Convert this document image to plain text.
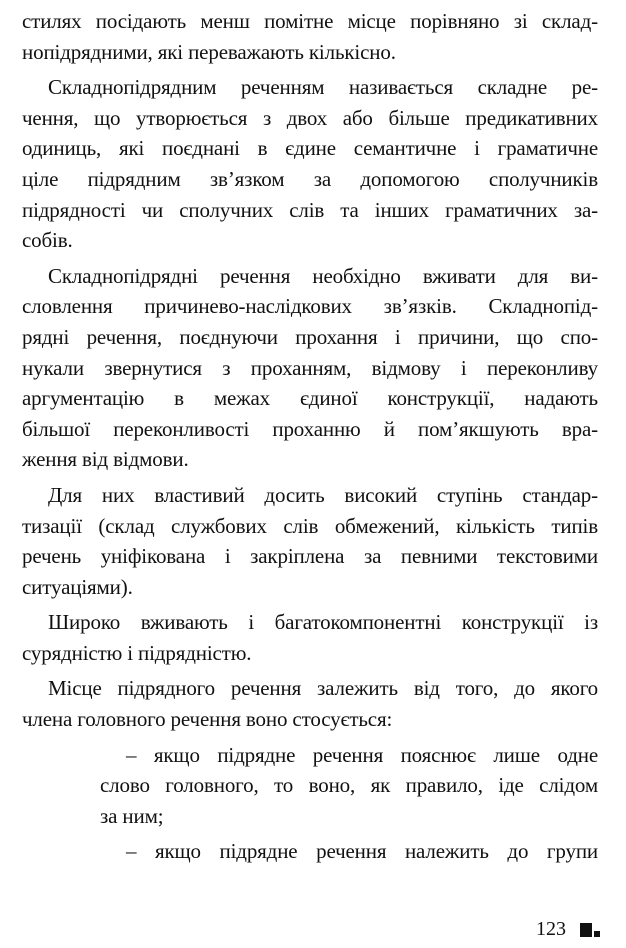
стилях посідають менш помітне місце порівняно зі склад-
нопідрядними, які переважають кількісно.
Складнопідрядним реченням називається складне ре-
чення, що утворюється з двох або більше предикативних
одиниць, які поєднані в єдине семантичне і граматичне
ціле підрядним зв’язком за допомогою сполучників
підрядності чи сполучних слів та інших граматичних за-
собів.
Складнопідрядні речення необхідно вживати для ви-
словлення причинево-наслідкових зв’язків. Складнопід-
рядні речення, поєднуючи прохання і причини, що спо-
нукали звернутися з проханням, відмову і переконливу
аргументацію в межах єдиної конструкції, надають
більшої переконливості проханню й пом’якшують вра-
ження від відмови.
Для них властивий досить високий ступінь стандар-
тизації (склад службових слів обмежений, кількість типів
речень уніфікована і закріплена за певними текстовими
ситуаціями).
Широко вживають і багатокомпонентні конструкції із
сурядністю і підрядністю.
Місце підрядного речення залежить від того, до якого
члена головного речення воно стосується:
– якщо підрядне речення пояснює лише одне
слово головного, то воно, як правило, іде слідом
за ним;
– якщо підрядне речення належить до групи
123
